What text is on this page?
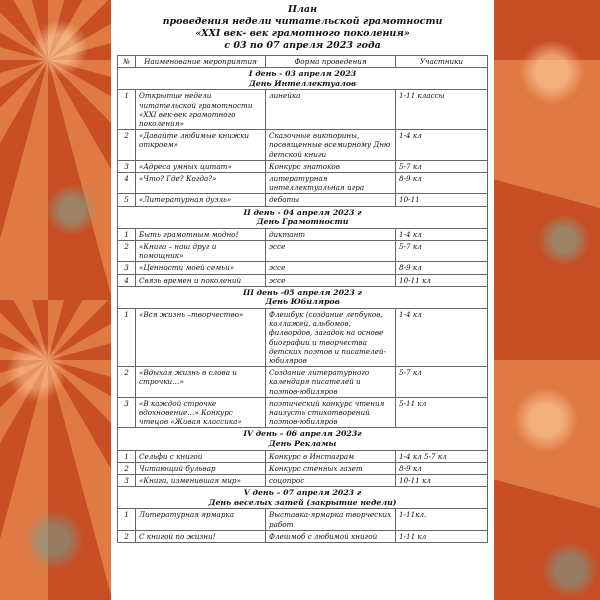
План
проведения недели читательской грамотности
«XXI век- век грамотного поколения»
с 03 по 07 апреля 2023 года
№	Наименование мероприятия	Форма проведения	Участники

I день - 03 апреля 2023
День Интеллектуалов			

1	Открытие недели читательской грамотности «XXI век-век грамотного поколения»	линейка	1-11 классы
2	«Давайте любимые книжки откроем»	Сказочные викторины, посвященные всемирному Дню детской книги	1-4 кл
3	«Адреса умных цитат»	Конкурс знатоков	5-7 кл
4	«Что? Где? Когда?»	литературная интеллектуальная игра	8-9 кл
5	«Литературная дуэль»	дебаты	10-11

II день - 04 апреля 2023 г
День Грамотности			

1	Быть грамотным модно!	диктант	1-4 кл
2	«Книга – наш друг и помощник»	эссе	5-7 кл
3	«Ценности моей семьи»	эссе	8-9 кл
4	Связь времен и поколений	эссе	10-11 кл

III день -05 апреля 2023 г
День Юбиляров			

1	«Вся жизнь –творчество»	Флешбук (создание лепбуков, коллажей, альбомов, филвордов, загадок на основе биографии и творчества детских поэтов и писателей-юбиляров	1-4 кл
2	«Вдыхая жизнь в слова и строчки…»	Создание литературного календаря писателей и поэтов-юбиляров	5-7 кл
3	«В каждой строчке вдохновение…» Конкурс чтецов «Живая классика»	поэтический конкурс чтения наизусть стихотворений поэтов-юбиляров	5-11 кл

IV день – 06 апреля 2023г
День Рекламы			

1	Сельфи с книгой	Конкурс в Инстаграм	1-4 кл 5-7 кл
2	Читающий бульвар	Конкурс стенных газет	8-9 кл
3	«Книга, изменившая мир»	соцопрос	10-11 кл

V день – 07 апреля 2023 г
День веселых затей (закрытие недели)			

1	Литературная ярмарка	Выставка-ярмарка творческих работ	1-11кл.
2	С книгой по жизни!	Флешмоб с любимой книгой	1-11 кл
